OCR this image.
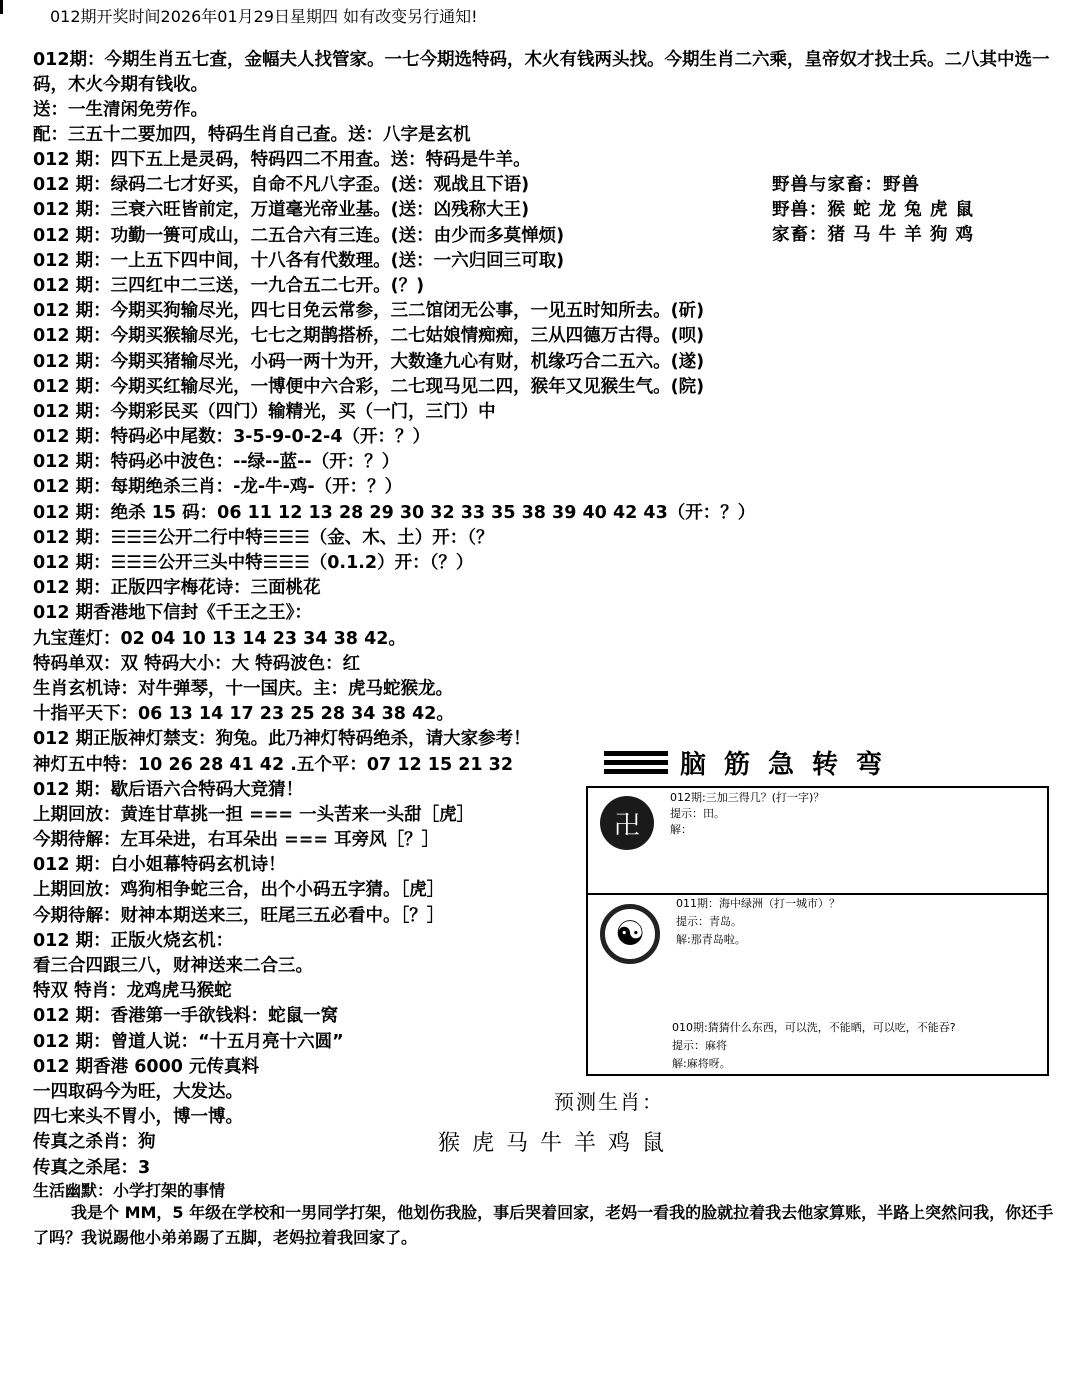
012期开奖时间2026年01月29日星期四 如有改变另行通知!

012期：今期生肖五七查，金幅夫人找管家。一七今期选特码，木火有钱两头找。今期生肖二六乘，皇帝奴才找士兵。二八其中选一码，木火今期有钱收。

送：一生清闲免劳作。

配：三五十二要加四，特码生肖自己查。送：八字是玄机

012 期：四下五上是灵码，特码四二不用查。送：特码是牛羊。
012 期：绿码二七才好买，自命不凡八字歪。(送：观战且下语)
012 期：三衰六旺皆前定，万道毫光帝业基。(送：凶残称大王)
012 期：功勤一篑可成山，二五合六有三连。(送：由少而多莫惮烦)
012 期：一上五下四中间，十八各有代数理。(送：一六归回三可取)
012 期：三四红中二三送，一九合五二七开。(？)
012 期：今期买狗输尽光，四七日免云常参，三二馆闭无公事，一见五时知所去。(斫)
012 期：今期买猴输尽光，七七之期鹊搭桥，二七姑娘情痴痴，三从四德万古得。(呗)
012 期：今期买猪输尽光，小码一两十为开，大数逢九心有财，机缘巧合二五六。(遂)
012 期：今期买红输尽光，一博便中六合彩，二七现马见二四，猴年又见猴生气。(院)
012 期：今期彩民买（四门）输精光，买（一门，三门）中
012 期：特码必中尾数：3-5-9-0-2-4（开：？）
012 期：特码必中波色：--绿--蓝--（开：？）
012 期：每期绝杀三肖：-龙-牛-鸡-（开：？）
012 期：绝杀 15 码：06 11 12 13 28 29 30 32 33 35 38 39 40 42 43（开：？）
012 期：☰☰☰公开二行中特☰☰☰（金、木、土）开：（？
012 期：☰☰☰公开三头中特☰☰☰（0.1.2）开：（？）
012 期：正版四字梅花诗：三面桃花
012 期香港地下信封《千王之王》：
九宝莲灯：02 04 10 13 14 23 34 38 42。
特码单双：双 特码大小：大 特码波色：红
生肖玄机诗：对牛弹琴，十一国庆。主：虎马蛇猴龙。
十指平天下：06 13 14 17 23 25 28 34 38 42。
012 期正版神灯禁支：狗兔。此乃神灯特码绝杀，请大家参考！
神灯五中特：10 26 28 41 42 .五个平：07 12 15 21 32
012 期：歇后语六合特码大竞猜！
上期回放：黄连甘草挑一担 === 一头苦来一头甜［虎］
今期待解：左耳朵进，右耳朵出 === 耳旁风［？］
012 期：白小姐幕特码玄机诗！
上期回放：鸡狗相争蛇三合，出个小码五字猜。［虎］
今期待解：财神本期送来三，旺尾三五必看中。［？］
012 期：正版火烧玄机：
看三合四跟三八，财神送来二合三。
特双 特肖：龙鸡虎马猴蛇
012 期：香港第一手欲钱料：蛇鼠一窝
012 期：曾道人说：“十五月亮十六圆”
012 期香港 6000 元传真料
一四取码今为旺，大发达。
四七来头不胃小，博一博。
传真之杀肖：狗
传真之杀尾：3
野兽与家畜：野兽
野兽：猴 蛇 龙 兔 虎 鼠
家畜：猪 马 牛 羊 狗 鸡
脑筋急转弯
卍
012期:三加三得几？(打一字)？
提示：田。
解：
☯
011期：海中绿洲（打一城市）？
提示：青岛。
解:那青岛啦。
010期:猜猜什么东西，可以洗，不能晒，可以吃，不能吞?
提示：麻将
解:麻将呀。
预测生肖：
猴虎马牛羊鸡鼠
生活幽默：小学打架的事情

我是个 MM，5 年级在学校和一男同学打架，他划伤我脸，事后哭着回家，老妈一看我的脸就拉着我去他家算账，半路上突然问我，你还手了吗？我说踢他小弟弟踢了五脚，老妈拉着我回家了。
